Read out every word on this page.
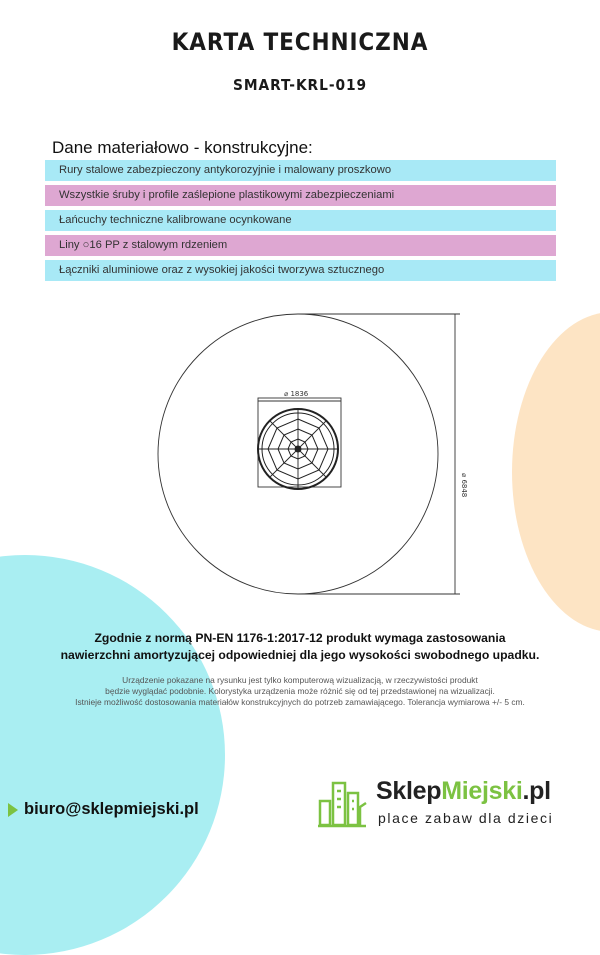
KARTA TECHNICZNA
SMART-KRL-019
Dane materiałowo - konstrukcyjne:
Rury stalowe zabezpieczony antykorozyjnie i malowany proszkowo
Wszystkie śruby i profile zaślepione plastikowymi zabezpieczeniami
Łańcuchy techniczne kalibrowane ocynkowane
Liny ○16 PP z stalowym rdzeniem
Łączniki aluminiowe oraz z wysokiej jakości tworzywa sztucznego
⌀ 1836
⌀ 6848
Zgodnie z normą PN-EN 1176-1:2017-12 produkt wymaga zastosowania
nawierzchni amortyzującej odpowiedniej dla jego wysokości swobodnego upadku.
Urządzenie pokazane na rysunku jest tylko komputerową wizualizacją, w rzeczywistości produkt
będzie wyglądać podobnie. Kolorystyka urządzenia może różnić się od tej przedstawionej na wizualizacji.
Istnieje możliwość dostosowania materiałów konstrukcyjnych do potrzeb zamawiającego. Tolerancja wymiarowa +/- 5 cm.
biuro@sklepmiejski.pl
SklepMiejski.pl
place zabaw dla dzieci
